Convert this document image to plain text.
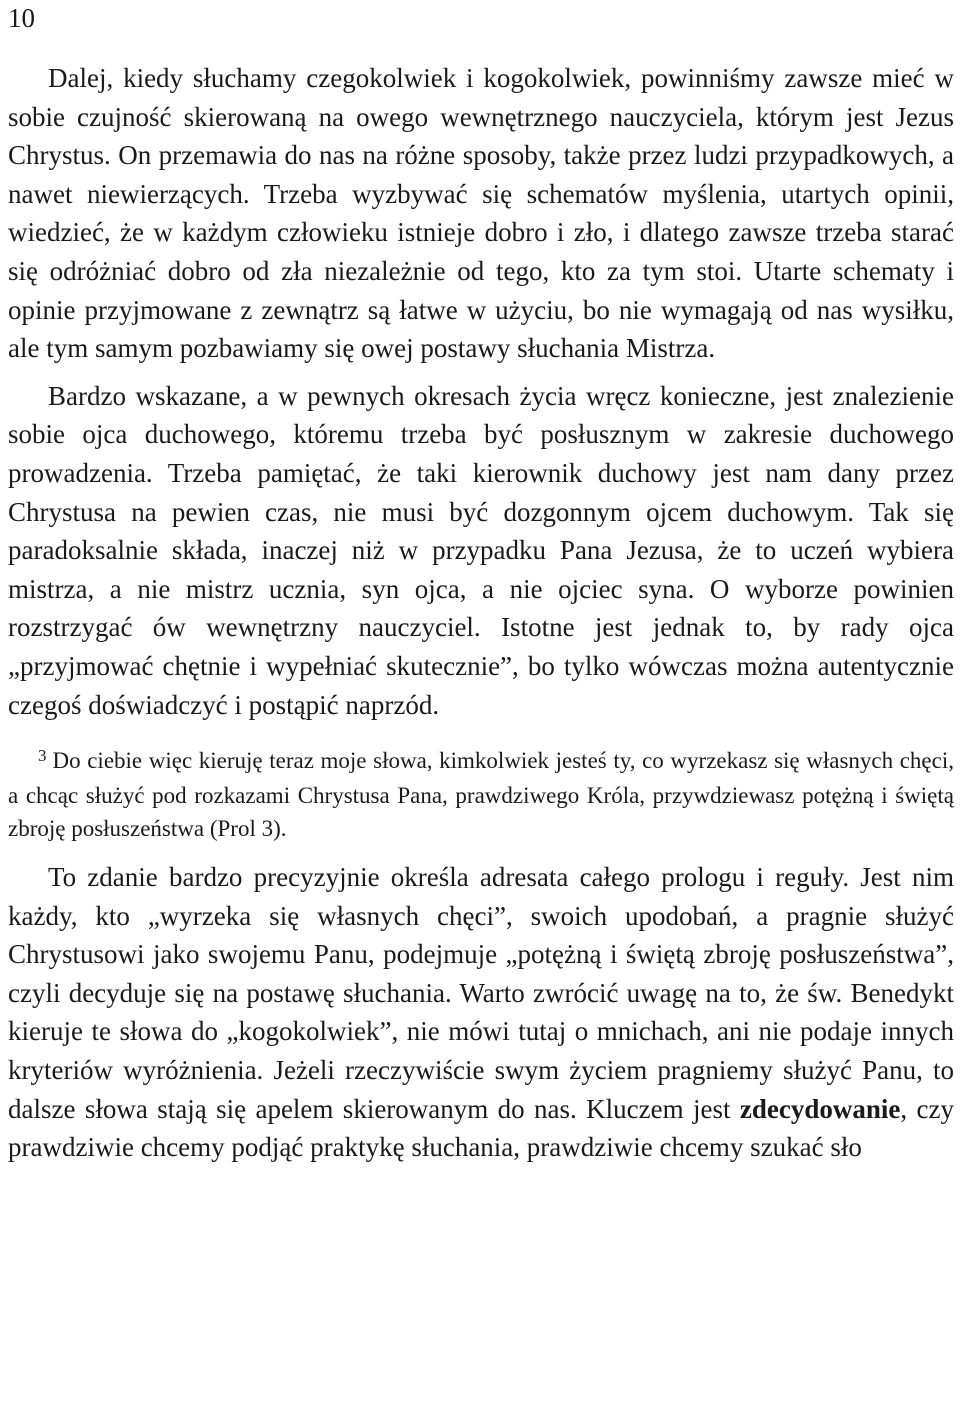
10

Dalej, kiedy słuchamy czegokolwiek i kogokolwiek, powinniśmy zawsze mieć w sobie czujność skierowaną na owego wewnętrznego nauczyciela, którym jest Jezus Chrystus. On przemawia do nas na różne sposoby, także przez ludzi przypadkowych, a nawet niewierzących. Trzeba wyzbywać się schematów myślenia, utartych opinii, wiedzieć, że w każdym człowieku istnieje dobro i zło, i dlatego zawsze trzeba starać się odróżniać dobro od zła niezależnie od tego, kto za tym stoi. Utarte schematy i opinie przyjmowane z zewnątrz są łatwe w użyciu, bo nie wymagają od nas wysiłku, ale tym samym pozbawiamy się owej postawy słuchania Mistrza.

Bardzo wskazane, a w pewnych okresach życia wręcz konieczne, jest znalezienie sobie ojca duchowego, któremu trzeba być posłusznym w zakresie duchowego prowadzenia. Trzeba pamiętać, że taki kierownik duchowy jest nam dany przez Chrystusa na pewien czas, nie musi być dozgonnym ojcem duchowym. Tak się paradoksalnie składa, inaczej niż w przypadku Pana Jezusa, że to uczeń wybiera mistrza, a nie mistrz ucznia, syn ojca, a nie ojciec syna. O wyborze powinien rozstrzygać ów wewnętrzny nauczyciel. Istotne jest jednak to, by rady ojca „przyjmować chętnie i wypełniać skutecznie”, bo tylko wówczas można autentycznie czegoś doświadczyć i postąpić naprzód.

3 Do ciebie więc kieruję teraz moje słowa, kimkolwiek jesteś ty, co wyrzekasz się własnych chęci, a chcąc służyć pod rozkazami Chrystusa Pana, prawdziwego Króla, przywdziewasz potężną i świętą zbroję posłuszeństwa (Prol 3).

To zdanie bardzo precyzyjnie określa adresata całego prologu i reguły. Jest nim każdy, kto „wyrzeka się własnych chęci”, swoich upodobań, a pragnie służyć Chrystusowi jako swojemu Panu, podejmuje „potężną i świętą zbroję posłuszeństwa”, czyli decyduje się na postawę słuchania. Warto zwrócić uwagę na to, że św. Benedykt kieruje te słowa do „kogokolwiek”, nie mówi tutaj o mnichach, ani nie podaje innych kryteriów wyróżnienia. Jeżeli rzeczywiście swym życiem pragniemy służyć Panu, to dalsze słowa stają się apelem skierowanym do nas. Kluczem jest zdecydowanie, czy prawdziwie chcemy podjąć praktykę słuchania, prawdziwie chcemy szukać sło
